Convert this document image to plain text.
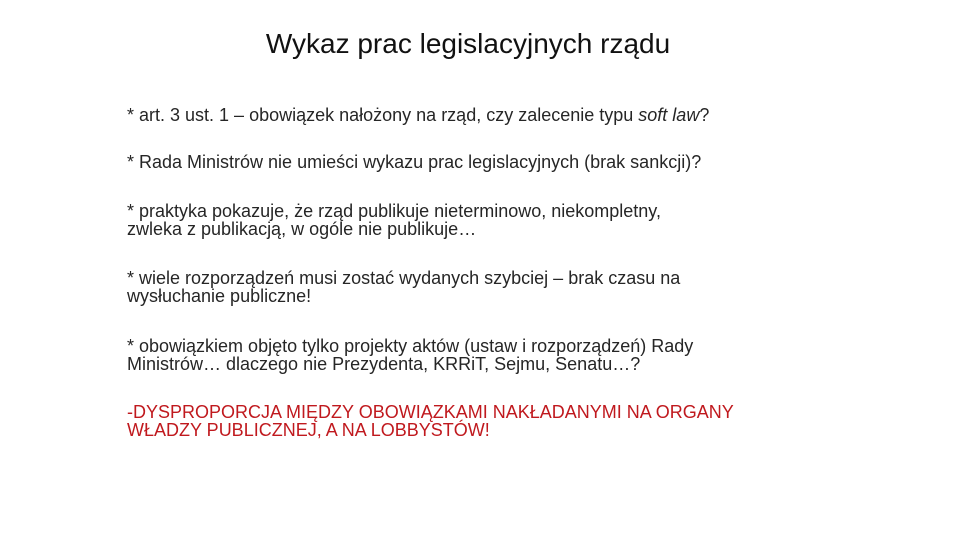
Wykaz prac legislacyjnych rządu
* art. 3 ust. 1 – obowiązek nałożony na rząd, czy zalecenie typu soft law?
* Rada Ministrów nie umieści wykazu prac legislacyjnych (brak sankcji)?
* praktyka pokazuje, że rząd publikuje nieterminowo, niekompletny,
zwleka z publikacją, w ogóle nie publikuje…
* wiele rozporządzeń musi zostać wydanych szybciej – brak czasu na
wysłuchanie publiczne!
* obowiązkiem objęto tylko projekty aktów (ustaw i rozporządzeń) Rady
Ministrów… dlaczego nie Prezydenta, KRRiT, Sejmu, Senatu…?
-DYSPROPORCJA MIĘDZY OBOWIĄZKAMI NAKŁADANYMI NA ORGANY
WŁADZY PUBLICZNEJ, A NA LOBBYSTÓW!
